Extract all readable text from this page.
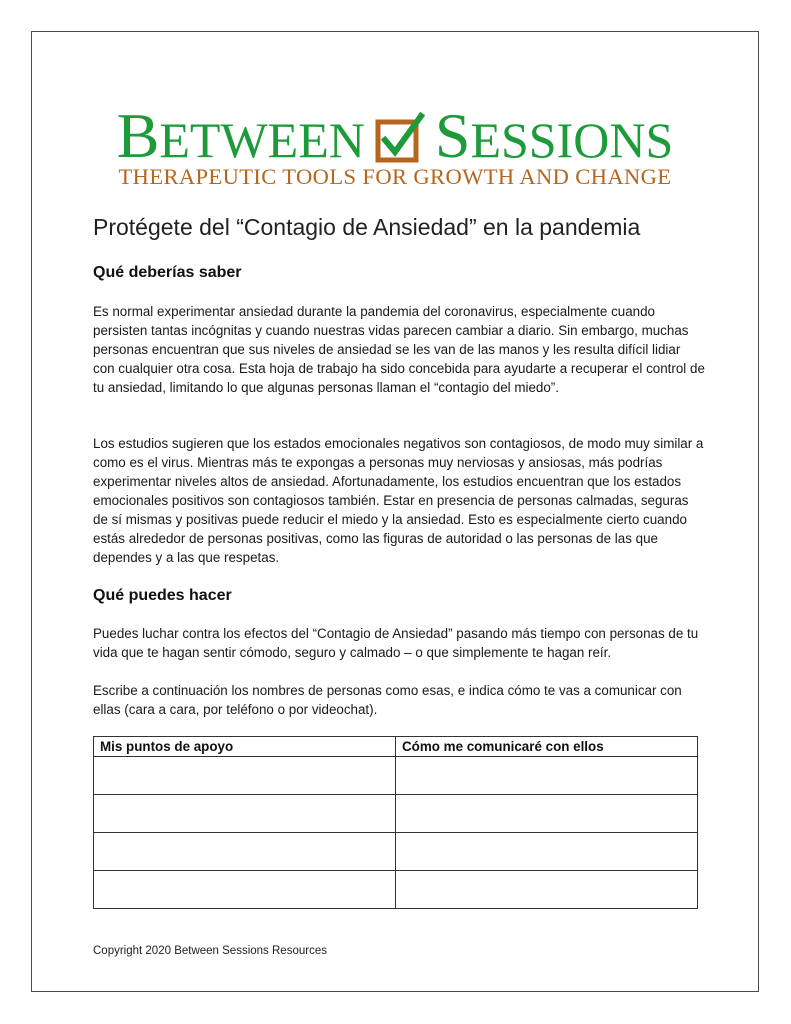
B ETWEEN S ESSIONS
THERAPEUTIC TOOLS FOR GROWTH AND CHANGE
Protégete del “Contagio de Ansiedad” en la pandemia
Qué deberías saber

Es normal experimentar ansiedad durante la pandemia del coronavirus, especialmente cuando persisten tantas incógnitas y cuando nuestras vidas parecen cambiar a diario. Sin embargo, muchas personas encuentran que sus niveles de ansiedad se les van de las manos y les resulta difícil lidiar con cualquier otra cosa. Esta hoja de trabajo ha sido concebida para ayudarte a recuperar el control de tu ansiedad, limitando lo que algunas personas llaman el “contagio del miedo”.

Los estudios sugieren que los estados emocionales negativos son contagiosos, de modo muy similar a como es el virus. Mientras más te expongas a personas muy nerviosas y ansiosas, más podrías experimentar niveles altos de ansiedad. Afortunadamente, los estudios encuentran que los estados emocionales positivos son contagiosos también. Estar en presencia de personas calmadas, seguras de sí mismas y positivas puede reducir el miedo y la ansiedad. Esto es especialmente cierto cuando estás alrededor de personas positivas, como las figuras de autoridad o las personas de las que dependes y a las que respetas.

Qué puedes hacer

Puedes luchar contra los efectos del “Contagio de Ansiedad” pasando más tiempo con personas de tu vida que te hagan sentir cómodo, seguro y calmado – o que simplemente te hagan reír.

Escribe a continuación los nombres de personas como esas, e indica cómo te vas a comunicar con ellas (cara a cara, por teléfono o por videochat).

Mis puntos de apoyo	Cómo me comunicaré con ellos

Copyright 2020 Between Sessions Resources
